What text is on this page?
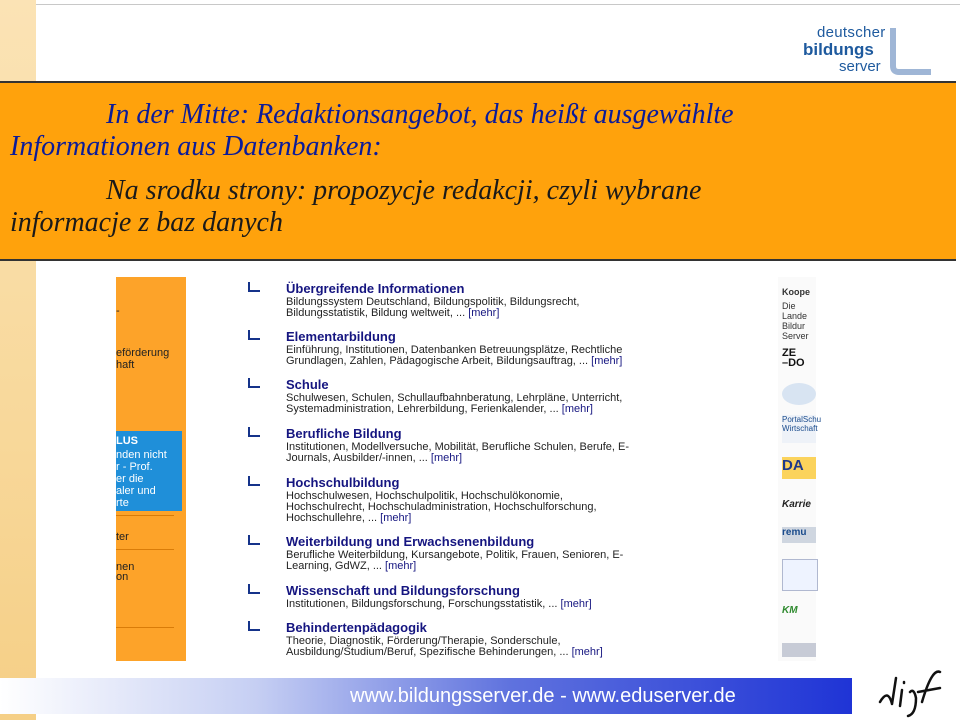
deutscher
bildungs
server

In der Mitte: Redaktionsangebot, das heißt ausgewählte

Informationen aus Datenbanken:

Na srodku strony: propozycje redakcji, czyli wybrane

informacje z baz danych

-
eförderung
haft
LUS
nden nicht
r - Prof.
er die
aler und
rte
ter
nen
on
Übergreifende Informationen
Bildungssystem Deutschland, Bildungspolitik, Bildungsrecht,
Bildungsstatistik, Bildung weltweit, ... [mehr]
Elementarbildung
Einführung, Institutionen, Datenbanken Betreuungsplätze, Rechtliche
Grundlagen, Zahlen, Pädagogische Arbeit, Bildungsauftrag, ... [mehr]
Schule
Schulwesen, Schulen, Schullaufbahnberatung, Lehrpläne, Unterricht,
Systemadministration, Lehrerbildung, Ferienkalender, ... [mehr]
Berufliche Bildung
Institutionen, Modellversuche, Mobilität, Berufliche Schulen, Berufe, E-
Journals, Ausbilder/-innen, ... [mehr]
Hochschulbildung
Hochschulwesen, Hochschulpolitik, Hochschulökonomie,
Hochschulrecht, Hochschuladministration, Hochschulforschung,
Hochschullehre, ... [mehr]
Weiterbildung und Erwachsenenbildung
Berufliche Weiterbildung, Kursangebote, Politik, Frauen, Senioren, E-
Learning, GdWZ, ... [mehr]
Wissenschaft und Bildungsforschung
Institutionen, Bildungsforschung, Forschungsstatistik, ... [mehr]
Behindertenpädagogik
Theorie, Diagnostik, Förderung/Therapie, Sonderschule,
Ausbildung/Studium/Beruf, Spezifische Behinderungen, ... [mehr]
Koope
Die
Lande
Bildur
Server
ZE
–DO
PortalSchu
Wirtschaft
DA
Karrie
remu
KM
www.bildungsserver.de - www.eduserver.de
